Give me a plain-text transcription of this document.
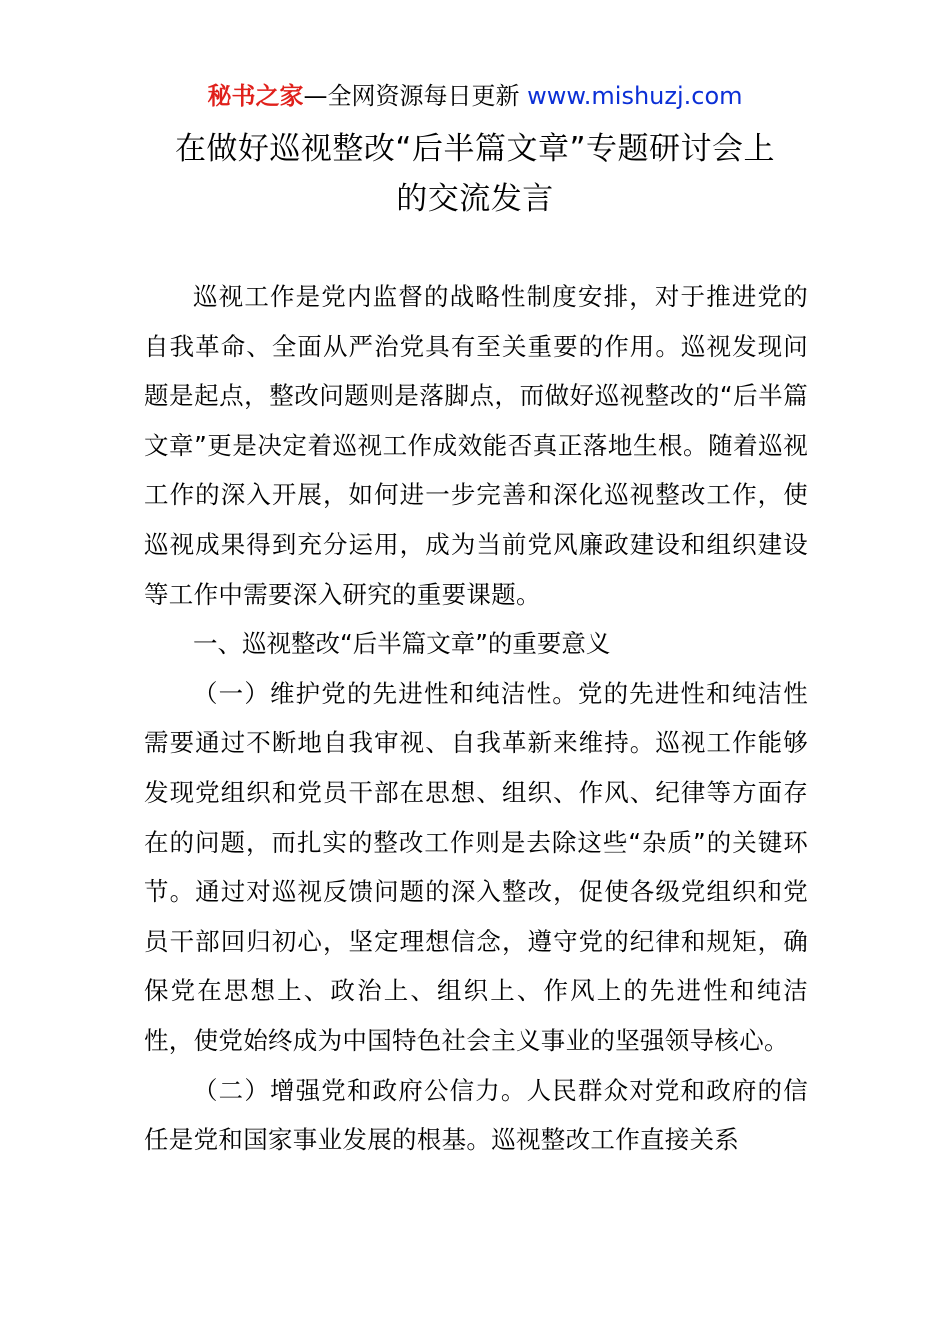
秘书之家—全网资源每日更新 www.mishuzj.com
在做好巡视整改“后半篇文章”专题研讨会上
的交流发言

巡视工作是党内监督的战略性制度安排，对于推进党的自我革命、全面从严治党具有至关重要的作用。巡视发现问题是起点，整改问题则是落脚点，而做好巡视整改的“后半篇文章”更是决定着巡视工作成效能否真正落地生根。随着巡视工作的深入开展，如何进一步完善和深化巡视整改工作，使巡视成果得到充分运用，成为当前党风廉政建设和组织建设等工作中需要深入研究的重要课题。

一、巡视整改“后半篇文章”的重要意义

（一）维护党的先进性和纯洁性。党的先进性和纯洁性需要通过不断地自我审视、自我革新来维持。巡视工作能够发现党组织和党员干部在思想、组织、作风、纪律等方面存在的问题，而扎实的整改工作则是去除这些“杂质”的关键环节。通过对巡视反馈问题的深入整改，促使各级党组织和党员干部回归初心，坚定理想信念，遵守党的纪律和规矩，确保党在思想上、政治上、组织上、作风上的先进性和纯洁性，使党始终成为中国特色社会主义事业的坚强领导核心。

（二）增强党和政府公信力。人民群众对党和政府的信任是党和国家事业发展的根基。巡视整改工作直接关系
